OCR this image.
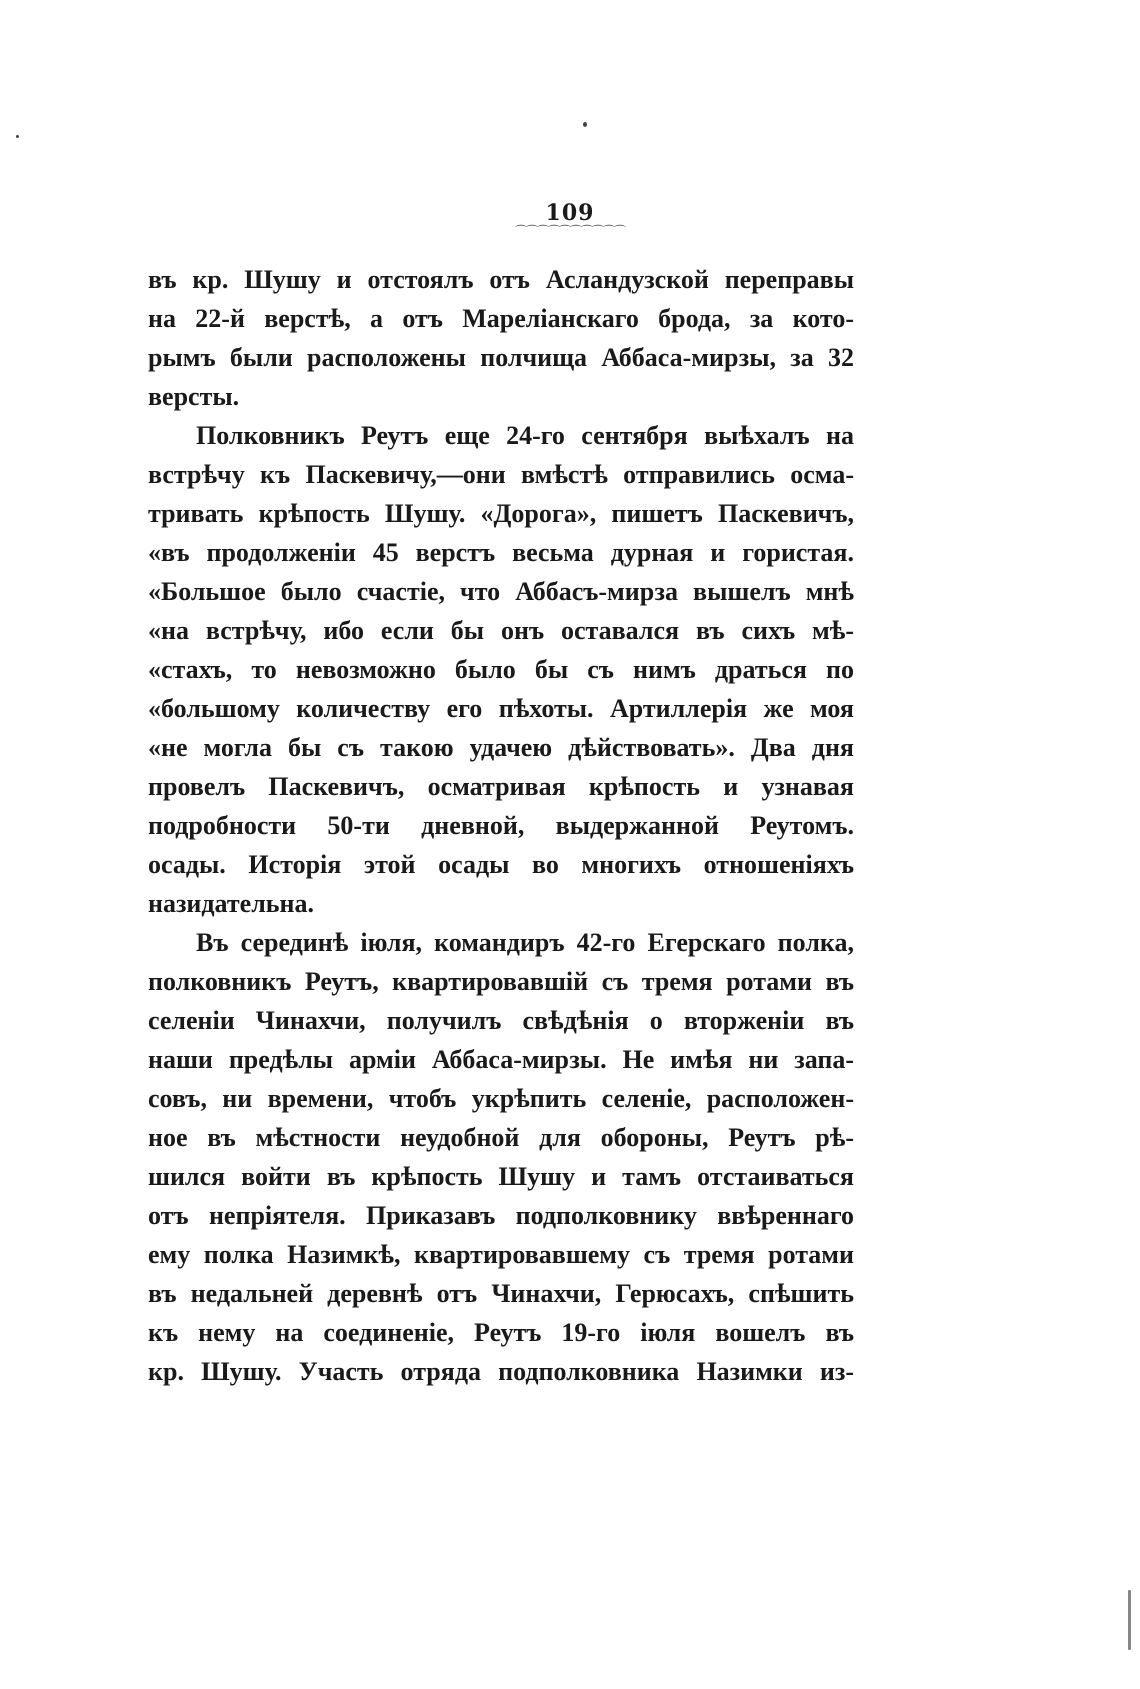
109
⌒⌒⌒⌒⌒⌒⌒⌒⌒⌒
въ кр. Шушу и отстоялъ отъ Асландузской переправы
на 22-й верстѣ, а отъ Mapeлiaнскаго брода, за кото-
рымъ были расположены полчища Аббаса-мирзы, за 32
версты.
Полковникъ Реутъ еще 24-го сентября выѣхалъ на
встрѣчу къ Паскевичу,—они вмѣстѣ отправились осма-
тривать крѣпость Шушу. «Дорога», пишетъ Паскевичъ,
«въ продолженiи 45 верстъ весьма дурная и гористая.
«Большое было счастiе, что Аббасъ-мирза вышелъ мнѣ
«на встрѣчу, ибо если бы онъ оставался въ сихъ мѣ-
«стахъ, то невозможно было бы съ нимъ драться по
«большому количеству его пѣхоты. Артиллерiя же моя
«не могла бы съ такою удачею дѣйствовать». Два дня
провелъ Паскевичъ, осматривая крѣпость и узнавая
подробности 50-ти дневной, выдержанной Реутомъ.
осады. Исторiя этой осады во многихъ отношенiяхъ
назидательна.
Въ серединѣ iюля, командиръ 42-го Егерскаго полка,
полковникъ Реутъ, квартировавшiй съ тремя ротами въ
селенiи Чинахчи, получилъ свѣдѣнiя о вторженiи въ
наши предѣлы армiи Аббаса-мирзы. Не имѣя ни запа-
совъ, ни времени, чтобъ укрѣпить селенiе, расположен-
ное въ мѣстности неудобной для обороны, Реутъ рѣ-
шился войти въ крѣпость Шушу и тамъ отстаиваться
отъ непрiятеля. Приказавъ подполковнику ввѣреннаго
ему полка Назимкѣ, квартировавшему съ тремя ротами
въ недальней деревнѣ отъ Чинахчи, Герюсахъ, спѣшить
къ нему на соединенiе, Реутъ 19-го iюля вошелъ въ
кр. Шушу. Участь отряда подполковника Назимки из-
